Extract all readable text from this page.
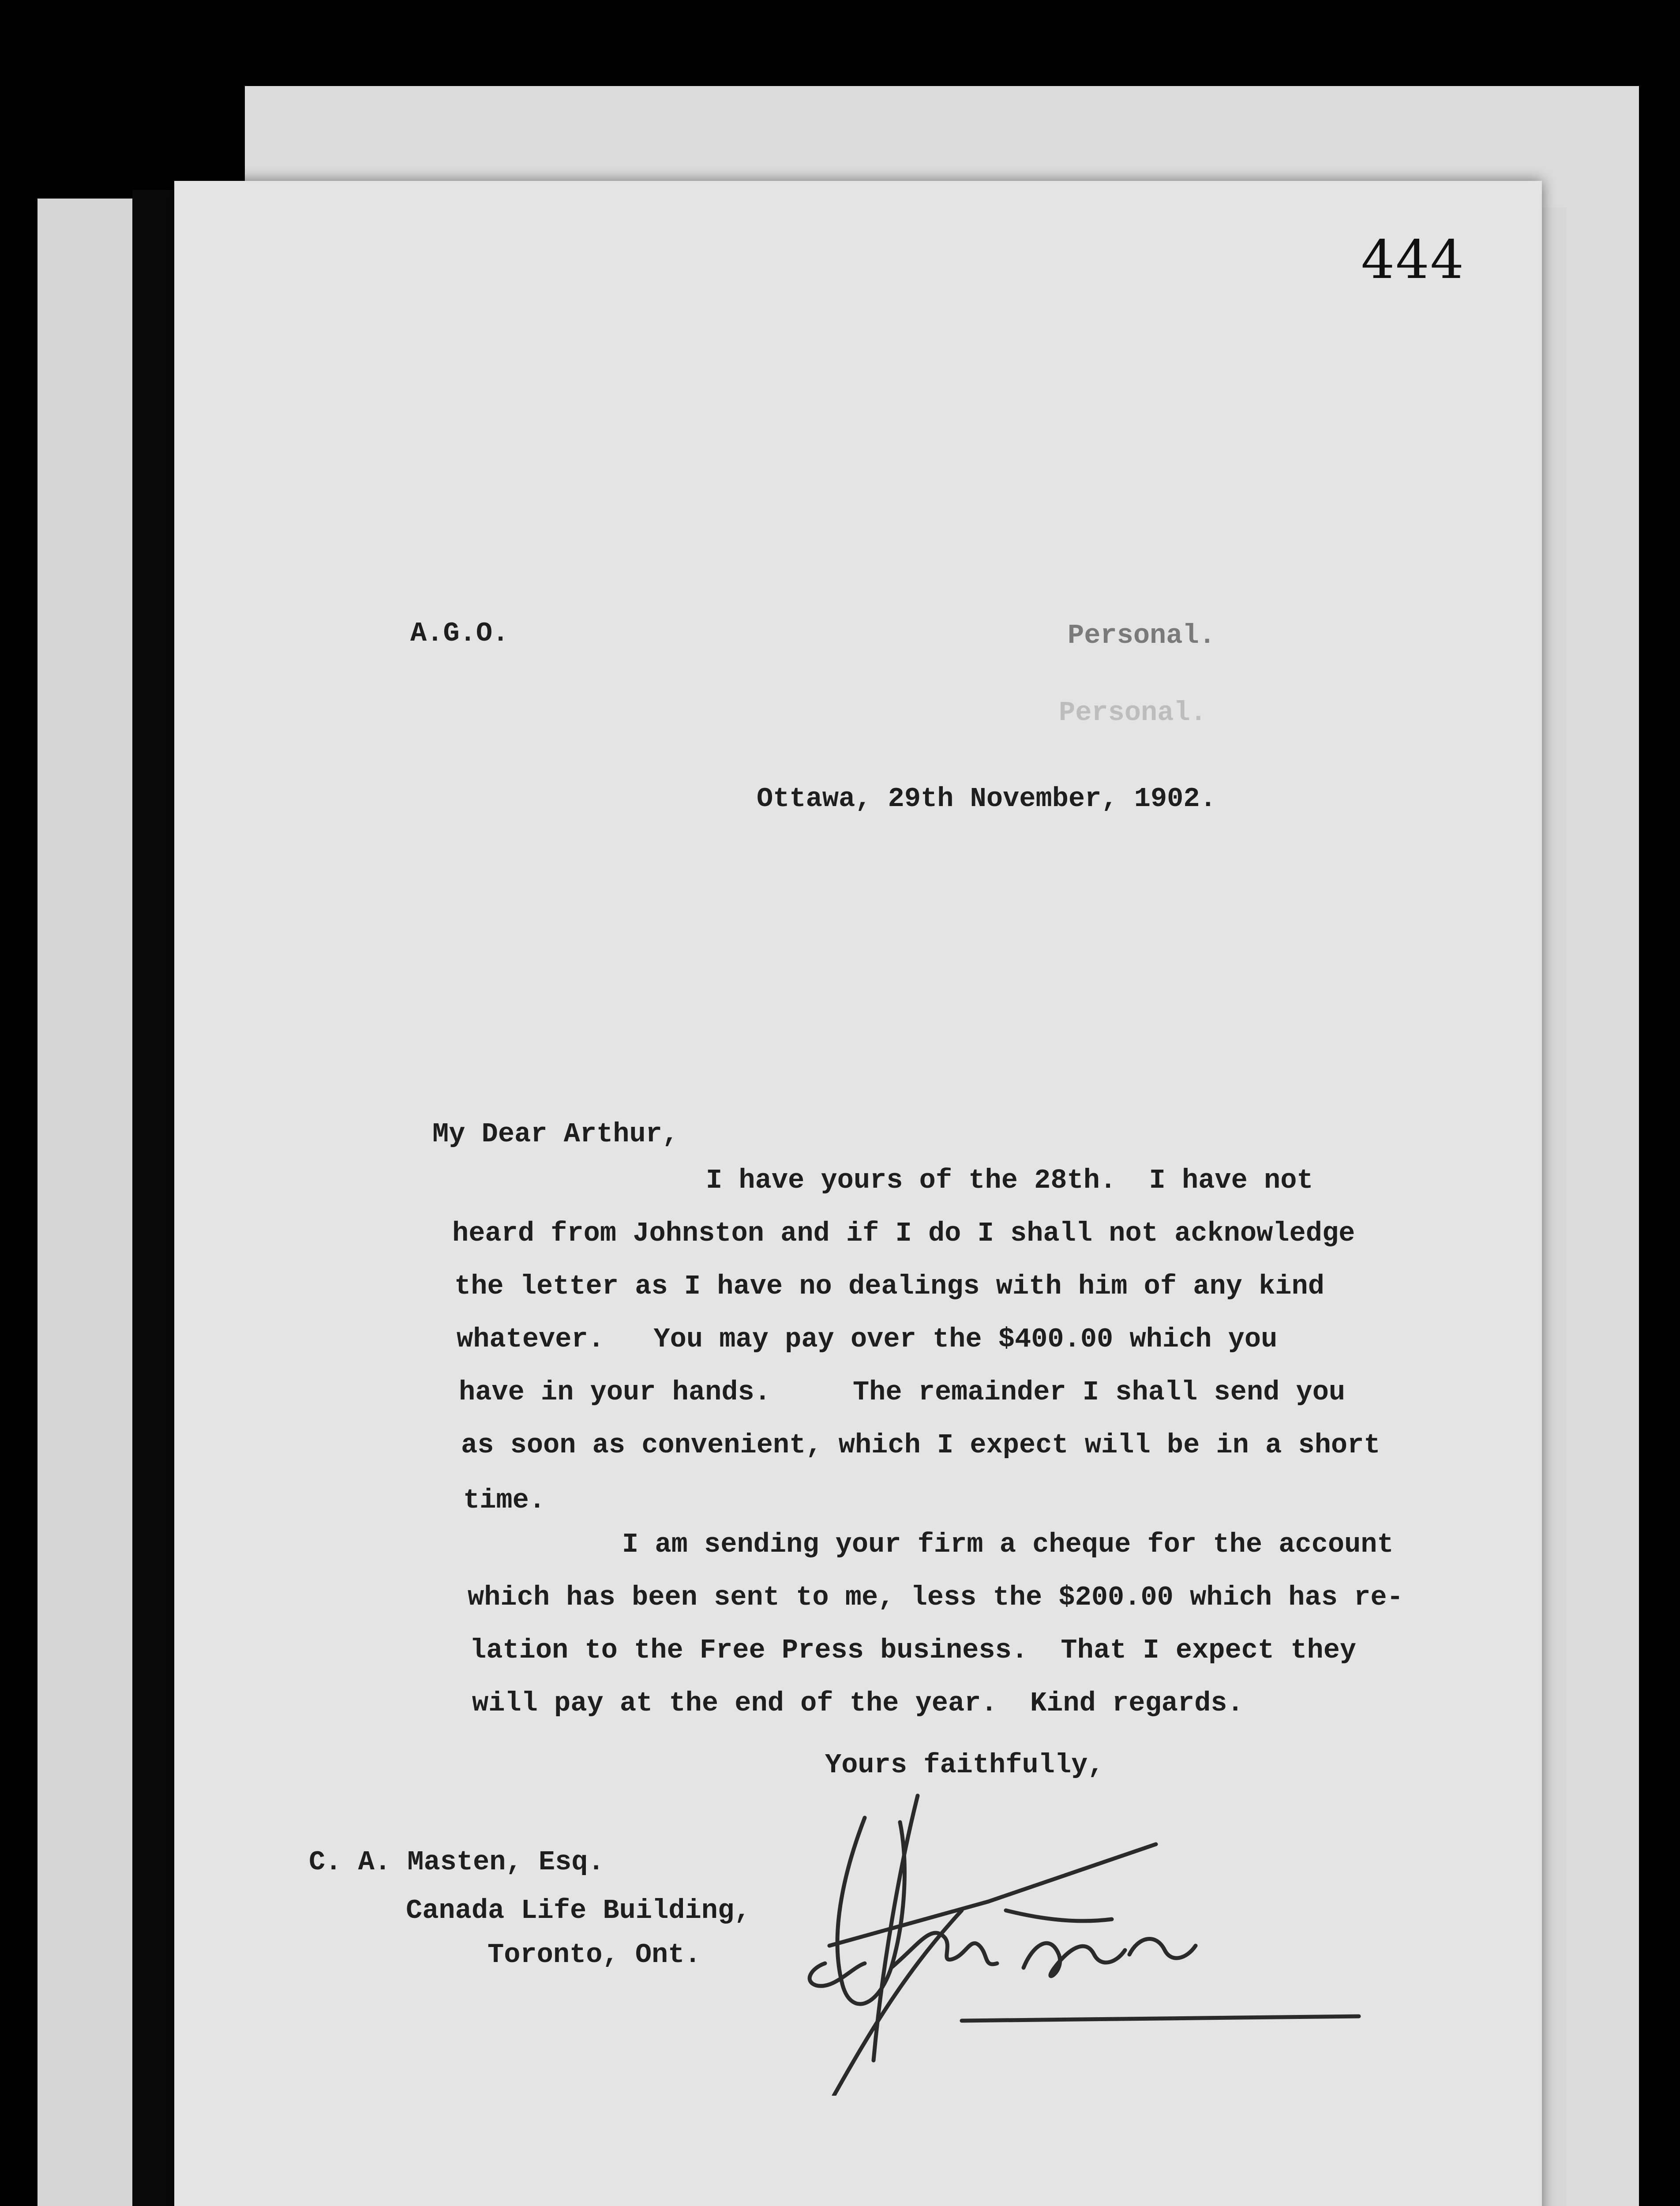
444
A.G.O.	Personal.
Personal.
Ottawa, 29th November, 1902.
My Dear Arthur,
I have yours of the 28th.  I have not
heard from Johnston and if I do I shall not acknowledge
the letter as I have no dealings with him of any kind
whatever.   You may pay over the $400.00 which you
have in your hands.     The remainder I shall send you
as soon as convenient, which I expect will be in a short
time.
I am sending your firm a cheque for the account
which has been sent to me, less the $200.00 which has re-
lation to the Free Press business.  That I expect they
will pay at the end of the year.  Kind regards.
Yours faithfully,
C. A. Masten, Esq.
Canada Life Building,
Toronto, Ont.
